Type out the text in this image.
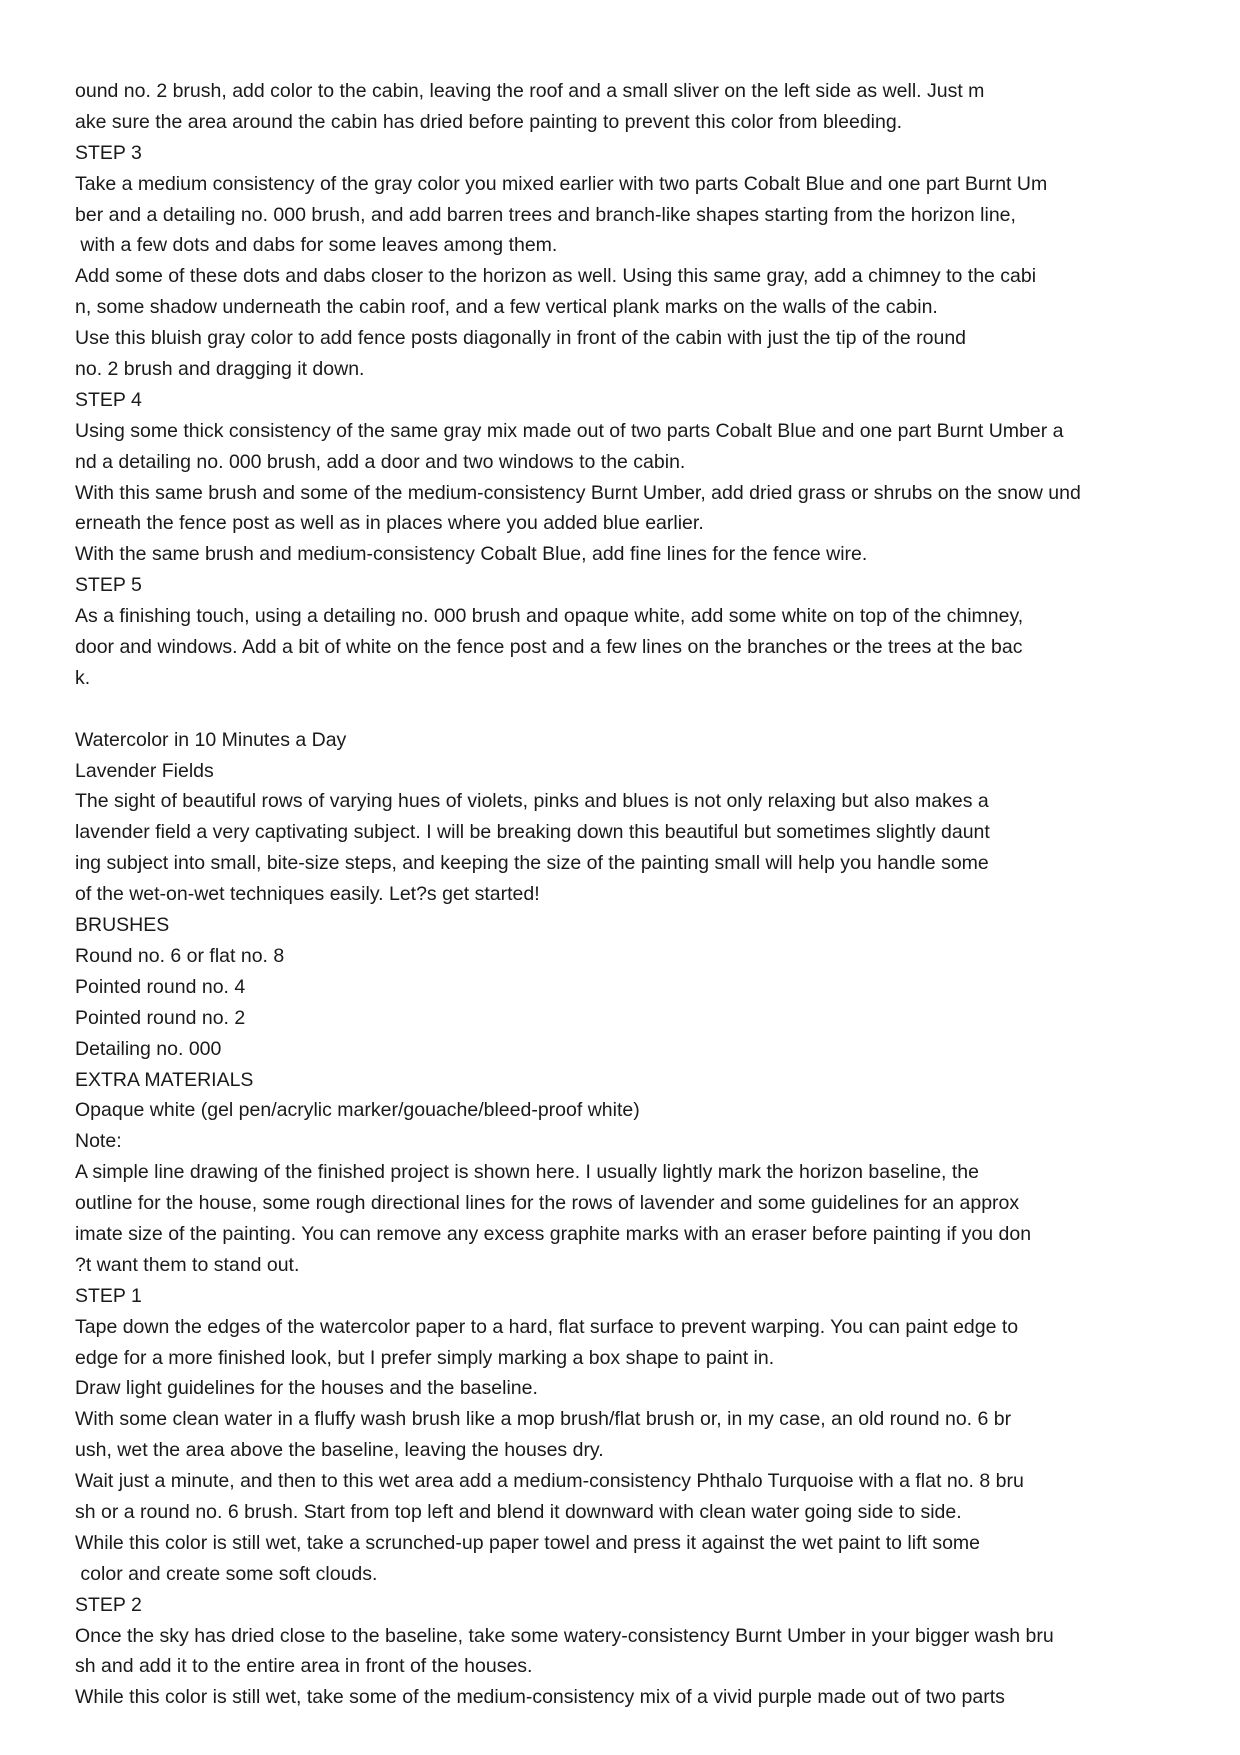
ound no. 2 brush, add color to the cabin, leaving the roof and a small sliver on the left side as well. Just m
ake sure the area around the cabin has dried before painting to prevent this color from bleeding.
STEP 3
Take a medium consistency of the gray color you mixed earlier with two parts Cobalt Blue and one part Burnt Um
ber and a detailing no. 000 brush, and add barren trees and branch-like shapes starting from the horizon line,
with a few dots and dabs for some leaves among them.
Add some of these dots and dabs closer to the horizon as well. Using this same gray, add a chimney to the cabi
n, some shadow underneath the cabin roof, and a few vertical plank marks on the walls of the cabin.
Use this bluish gray color to add fence posts diagonally in front of the cabin with just the tip of the round
no. 2 brush and dragging it down.
STEP 4
Using some thick consistency of the same gray mix made out of two parts Cobalt Blue and one part Burnt Umber a
nd a detailing no. 000 brush, add a door and two windows to the cabin.
With this same brush and some of the medium-consistency Burnt Umber, add dried grass or shrubs on the snow und
erneath the fence post as well as in places where you added blue earlier.
With the same brush and medium-consistency Cobalt Blue, add fine lines for the fence wire.
STEP 5
As a finishing touch, using a detailing no. 000 brush and opaque white, add some white on top of the chimney,
door and windows. Add a bit of white on the fence post and a few lines on the branches or the trees at the bac
k.
Watercolor in 10 Minutes a Day
Lavender Fields
The sight of beautiful rows of varying hues of violets, pinks and blues is not only relaxing but also makes a
lavender field a very captivating subject. I will be breaking down this beautiful but sometimes slightly daunt
ing subject into small, bite-size steps, and keeping the size of the painting small will help you handle some
of the wet-on-wet techniques easily. Let?s get started!
BRUSHES
Round no. 6 or flat no. 8
Pointed round no. 4
Pointed round no. 2
Detailing no. 000
EXTRA MATERIALS
Opaque white (gel pen/acrylic marker/gouache/bleed-proof white)
Note:
A simple line drawing of the finished project is shown here. I usually lightly mark the horizon baseline, the
outline for the house, some rough directional lines for the rows of lavender and some guidelines for an approx
imate size of the painting. You can remove any excess graphite marks with an eraser before painting if you don
?t want them to stand out.
STEP 1
Tape down the edges of the watercolor paper to a hard, flat surface to prevent warping. You can paint edge to
edge for a more finished look, but I prefer simply marking a box shape to paint in.
Draw light guidelines for the houses and the baseline.
With some clean water in a fluffy wash brush like a mop brush/flat brush or, in my case, an old round no. 6 br
ush, wet the area above the baseline, leaving the houses dry.
Wait just a minute, and then to this wet area add a medium-consistency Phthalo Turquoise with a flat no. 8 bru
sh or a round no. 6 brush. Start from top left and blend it downward with clean water going side to side.
While this color is still wet, take a scrunched-up paper towel and press it against the wet paint to lift some
color and create some soft clouds.
STEP 2
Once the sky has dried close to the baseline, take some watery-consistency Burnt Umber in your bigger wash bru
sh and add it to the entire area in front of the houses.
While this color is still wet, take some of the medium-consistency mix of a vivid purple made out of two parts
